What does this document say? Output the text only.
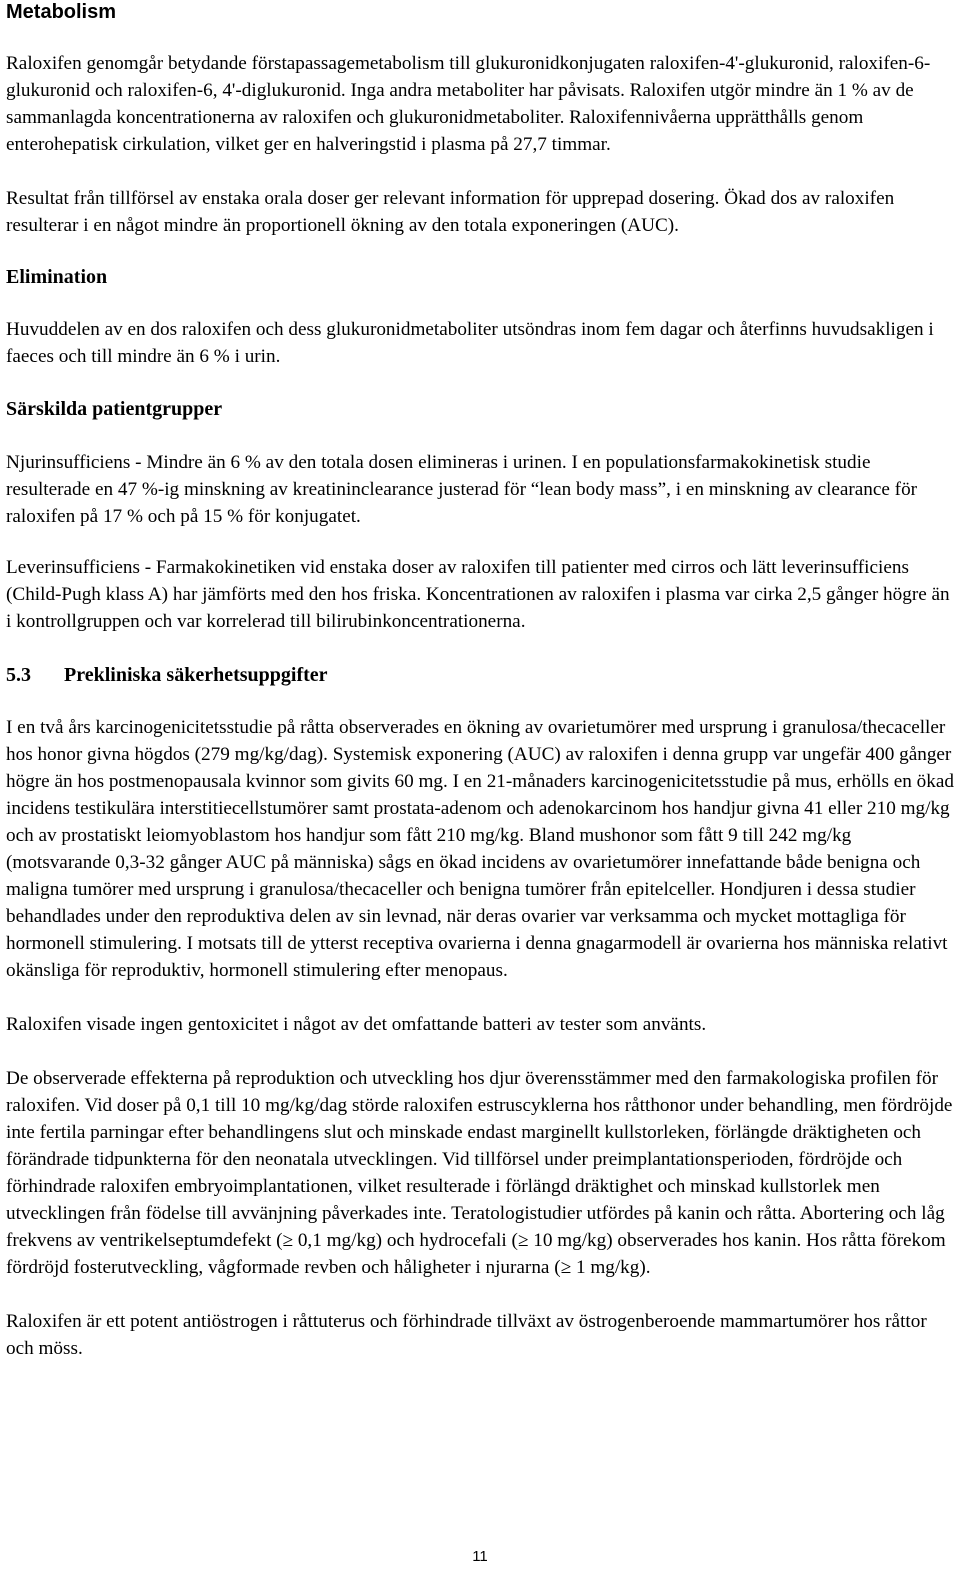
Metabolism

Raloxifen genomgår betydande förstapassagemetabolism till glukuronidkonjugaten raloxifen-4'-glukuronid, raloxifen-6-glukuronid och raloxifen-6, 4'-diglukuronid. Inga andra metaboliter har påvisats. Raloxifen utgör mindre än 1 % av de sammanlagda koncentrationerna av raloxifen och glukuronidmetaboliter. Raloxifennivåerna upprätthålls genom enterohepatisk cirkulation, vilket ger en halveringstid i plasma på 27,7 timmar.

Resultat från tillförsel av enstaka orala doser ger relevant information för upprepad dosering. Ökad dos av raloxifen resulterar i en något mindre än proportionell ökning av den totala exponeringen (AUC).

Elimination

Huvuddelen av en dos raloxifen och dess glukuronidmetaboliter utsöndras inom fem dagar och återfinns huvudsakligen i faeces och till mindre än 6 % i urin.

Särskilda patientgrupper

Njurinsufficiens - Mindre än 6 % av den totala dosen elimineras i urinen. I en populationsfarmakokinetisk studie resulterade en 47 %-ig minskning av kreatininclearance justerad för “lean body mass”, i en minskning av clearance för raloxifen på 17 % och på 15 % för konjugatet.

Leverinsufficiens - Farmakokinetiken vid enstaka doser av raloxifen till patienter med cirros och lätt leverinsufficiens (Child-Pugh klass A) har jämförts med den hos friska. Koncentrationen av raloxifen i plasma var cirka 2,5 gånger högre än i kontrollgruppen och var korrelerad till bilirubinkoncentrationerna.

5.3 Prekliniska säkerhetsuppgifter

I en två års karcinogenicitetsstudie på råtta observerades en ökning av ovarietumörer med ursprung i granulosa/thecaceller hos honor givna högdos (279 mg/kg/dag). Systemisk exponering (AUC) av raloxifen i denna grupp var ungefär 400 gånger högre än hos postmenopausala kvinnor som givits 60 mg. I en 21-månaders karcinogenicitetsstudie på mus, erhölls en ökad incidens testikulära interstitiecellstumörer samt prostata-adenom och adenokarcinom hos handjur givna 41 eller 210 mg/kg och av prostatiskt leiomyoblastom hos handjur som fått 210 mg/kg. Bland mushonor som fått 9 till 242 mg/kg (motsvarande 0,3-32 gånger AUC på människa) sågs en ökad incidens av ovarietumörer innefattande både benigna och maligna tumörer med ursprung i granulosa/thecaceller och benigna tumörer från epitelceller. Hondjuren i dessa studier behandlades under den reproduktiva delen av sin levnad, när deras ovarier var verksamma och mycket mottagliga för hormonell stimulering. I motsats till de ytterst receptiva ovarierna i denna gnagarmodell är ovarierna hos människa relativt okänsliga för reproduktiv, hormonell stimulering efter menopaus.

Raloxifen visade ingen gentoxicitet i något av det omfattande batteri av tester som använts.

De observerade effekterna på reproduktion och utveckling hos djur överensstämmer med den farmakologiska profilen för raloxifen. Vid doser på 0,1 till 10 mg/kg/dag störde raloxifen estruscyklerna hos råtthonor under behandling, men fördröjde inte fertila parningar efter behandlingens slut och minskade endast marginellt kullstorleken, förlängde dräktigheten och förändrade tidpunkterna för den neonatala utvecklingen. Vid tillförsel under preimplantationsperioden, fördröjde och förhindrade raloxifen embryoimplantationen, vilket resulterade i förlängd dräktighet och minskad kullstorlek men utvecklingen från födelse till avvänjning påverkades inte. Teratologistudier utfördes på kanin och råtta. Abortering och låg frekvens av ventrikelseptumdefekt (≥ 0,1 mg/kg) och hydrocefali (≥ 10 mg/kg) observerades hos kanin. Hos råtta förekom fördröjd fosterutveckling, vågformade revben och håligheter i njurarna (≥ 1 mg/kg).

Raloxifen är ett potent antiöstrogen i råttuterus och förhindrade tillväxt av östrogenberoende mammartumörer hos råttor och möss.

11
